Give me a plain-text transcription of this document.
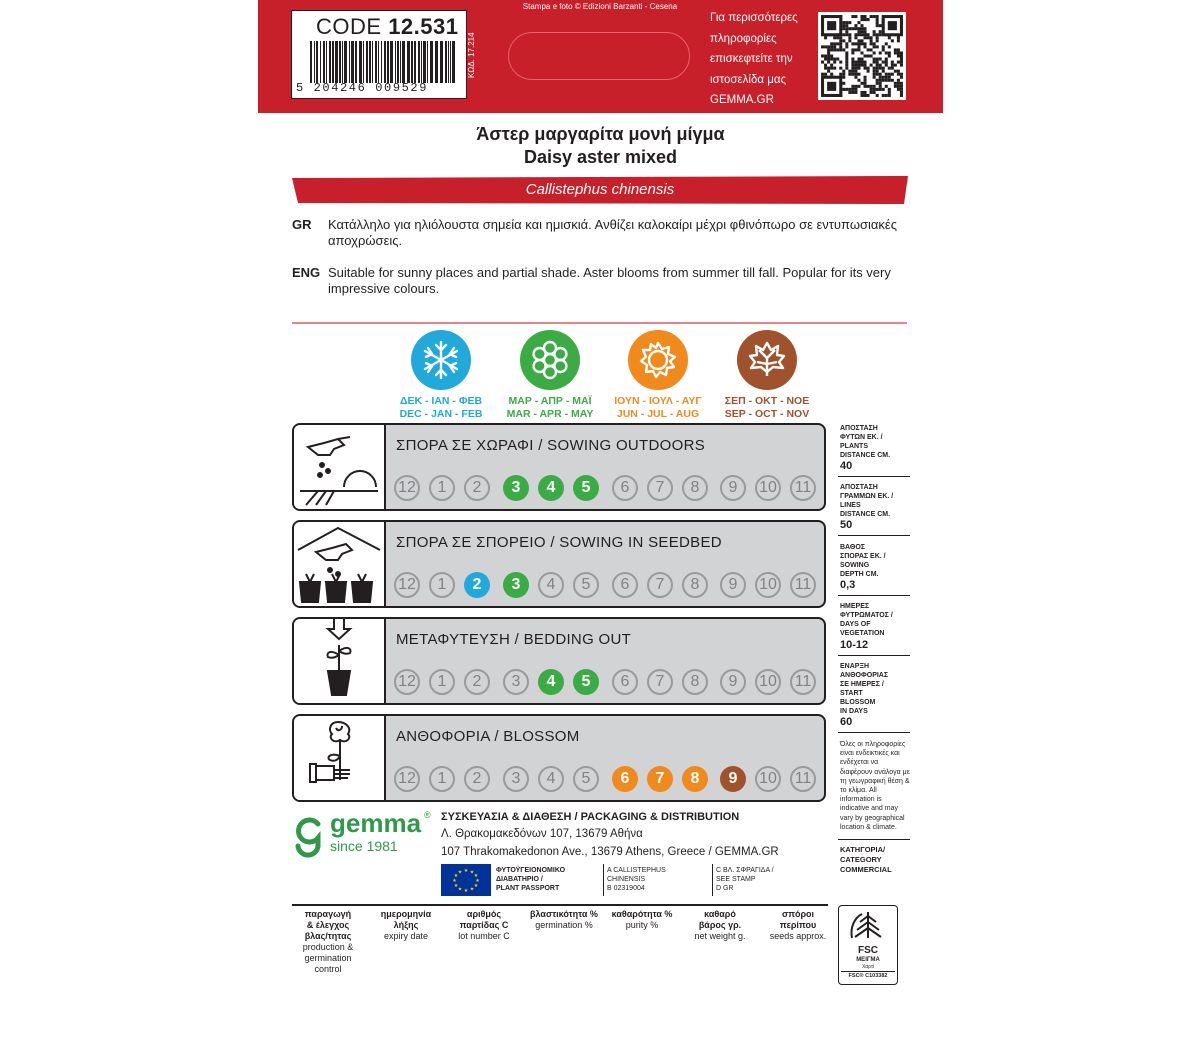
CODE 12.531
5 204246 009529
ΚΩΔ. 17.214
Stampa e foto © Edizioni Barzanti - Cesena
Για περισσότερες
πληροφορίες
επισκεφτείτε την
ιστοσελίδα μας
GEMMA.GR
Άστερ μαργαρίτα μονή μίγμα
Daisy aster mixed
Callistephus chinensis
GR Κατάλληλο για ηλιόλουστα σημεία και ημισκιά. Ανθίζει καλοκαίρι μέχρι φθινόπωρο σε εντυπωσιακές αποχρώσεις.
ENG Suitable for sunny places and partial shade. Aster blooms from summer till fall. Popular for its very impressive colours.
ΔΕΚ - ΙΑΝ - ΦΕΒ
DEC - JAN - FEB
ΜΑΡ - ΑΠΡ - ΜΑΪ
MAR - APR - MAY
ΙΟΥΝ - ΙΟΥΛ - ΑΥΓ
JUN - JUL - AUG
ΣΕΠ - ΟΚΤ - ΝΟΕ
SEP - OCT - NOV
ΣΠΟΡΑ ΣΕ ΧΩΡΑΦΙ / SOWING OUTDOORS
12	1	2	3	4	5	6	7	8	9	10 11
ΣΠΟΡΑ ΣΕ ΣΠΟΡΕΙΟ / SOWING IN SEEDBED
12	1	2	3	4	5	6	7	8	9	10 11
ΜΕΤΑΦΥΤΕΥΣΗ / BEDDING OUT
12	1	2	3	4	5	6	7	8	9	10 11
ΑΝΘΟΦΟΡΙΑ / BLOSSOM
12	1	2	3	4	5	6	7	8	9	10 11
ΑΠΟΣΤΑΣΗ
ΦΥΤΩΝ ΕΚ. /
PLANTS
DISTANCE CM.
40
ΑΠΟΣΤΑΣΗ
ΓΡΑΜΜΩΝ ΕΚ. /
LINES
DISTANCE CM.
50
ΒΑΘΟΣ
ΣΠΟΡΑΣ ΕΚ. /
SOWING
DEPTH CM.
0,3
ΗΜΕΡΕΣ
ΦΥΤΡΩΜΑΤΟΣ /
DAYS OF
VEGETATION
10-12
ΕΝΑΡΞΗ
ΑΝΘΟΦΟΡΙΑΣ
ΣΕ ΗΜΕΡΕΣ /
START
BLOSSOM
IN DAYS
60
Όλες οι πληροφορίες είναι ενδεικτικές και ενδέχεται να διαφέρουν ανάλογα με τη γεωγραφική θέση & το κλίμα. All information is indicative and may vary by geographical location & climate.
ΚΑΤΗΓΟΡΙΑ/
CATEGORY
COMMERCIAL
gemma ®
since 1981
ΣΥΣΚΕΥΑΣΙΑ & ΔΙΑΘΕΣΗ / PACKAGING & DISTRIBUTION
Λ. Θρακομακεδόνων 107, 13679 Αθήνα
107 Thrakomakedonon Ave., 13679 Athens, Greece / GEMMA.GR
★ ★
★
★
★
★
★
★
★
★
★
★	ΦΥΤΟΫΓΕΙΟΝΟΜΙΚΟ
ΔΙΑΒΑΤΗΡΙΟ /
PLANT PASSPORT
A CALLISTEPHUS
CHINENSIS
B 02319004
C ΒΛ. ΣΦΡΑΓΙΔΑ /
SEE STAMP
D GR
παραγωγή
& έλεγχος
βλας/τητας
production &
germination
control
ημερομηνία
λήξης
expiry date
αριθμός
παρτίδας C
lot number C
βλαστικότητα %
germination %
καθαρότητα %
purity %
καθαρό
βάρος γρ.
net weight g.
σπόροι
περίπου
seeds approx.
FSC
ΜΕΙΓΜΑ
Χαρτί
FSC® C103382
